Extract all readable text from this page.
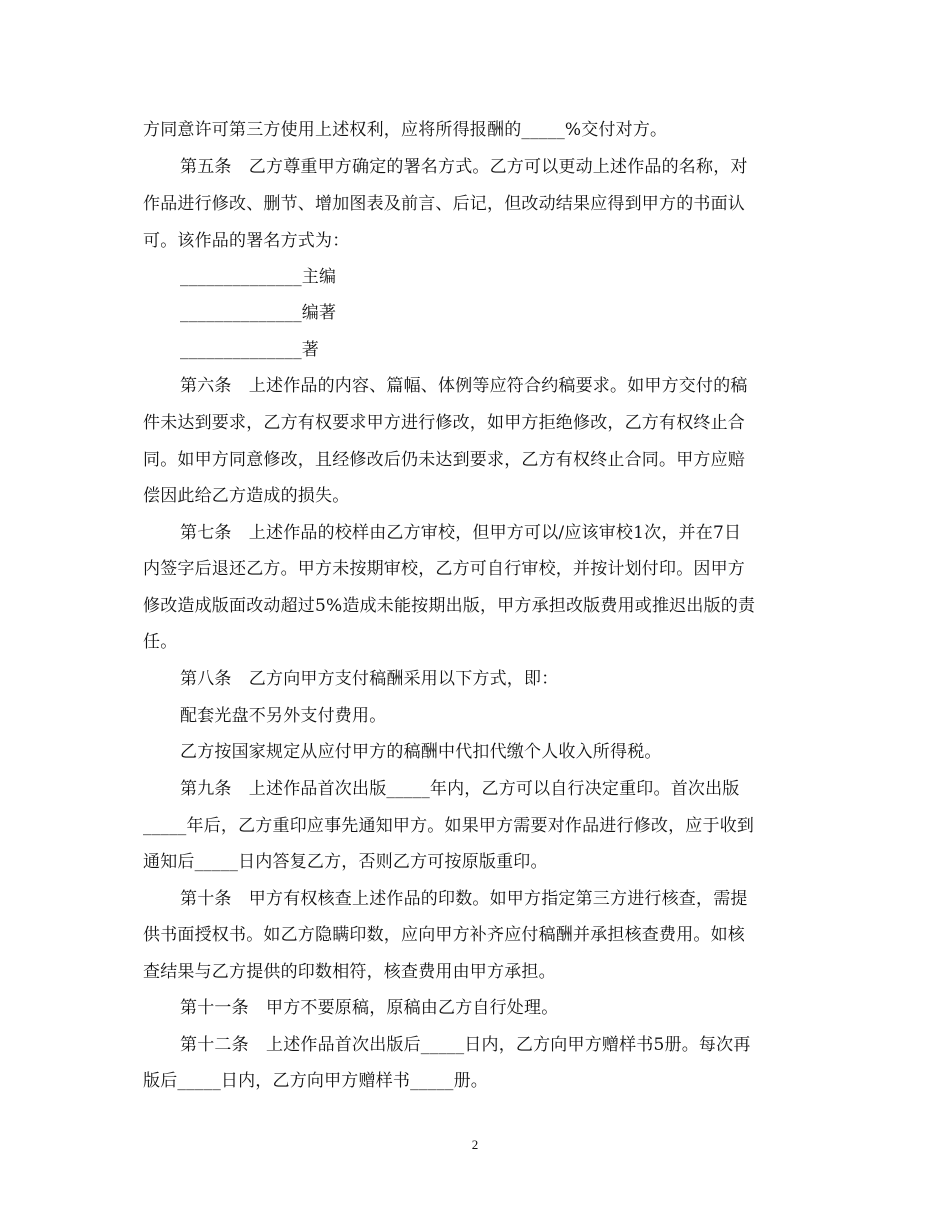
方同意许可第三方使用上述权利，应将所得报酬的_____%交付对方。
第五条　乙方尊重甲方确定的署名方式。乙方可以更动上述作品的名称，对
作品进行修改、删节、增加图表及前言、后记，但改动结果应得到甲方的书面认
可。该作品的署名方式为：
______________主编
______________编著
______________著
第六条　上述作品的内容、篇幅、体例等应符合约稿要求。如甲方交付的稿
件未达到要求，乙方有权要求甲方进行修改，如甲方拒绝修改，乙方有权终止合
同。如甲方同意修改，且经修改后仍未达到要求，乙方有权终止合同。甲方应赔
偿因此给乙方造成的损失。
第七条　上述作品的校样由乙方审校，但甲方可以/应该审校1次，并在7日
内签字后退还乙方。甲方未按期审校，乙方可自行审校，并按计划付印。因甲方
修改造成版面改动超过5%造成未能按期出版，甲方承担改版费用或推迟出版的责
任。
第八条　乙方向甲方支付稿酬采用以下方式，即：
配套光盘不另外支付费用。
乙方按国家规定从应付甲方的稿酬中代扣代缴个人收入所得税。
第九条　上述作品首次出版_____年内，乙方可以自行决定重印。首次出版
_____年后，乙方重印应事先通知甲方。如果甲方需要对作品进行修改，应于收到
通知后_____日内答复乙方，否则乙方可按原版重印。
第十条　甲方有权核查上述作品的印数。如甲方指定第三方进行核查，需提
供书面授权书。如乙方隐瞒印数，应向甲方补齐应付稿酬并承担核查费用。如核
查结果与乙方提供的印数相符，核查费用由甲方承担。
第十一条　甲方不要原稿，原稿由乙方自行处理。
第十二条　上述作品首次出版后_____日内，乙方向甲方赠样书5册。每次再
版后_____日内，乙方向甲方赠样书_____册。
2
